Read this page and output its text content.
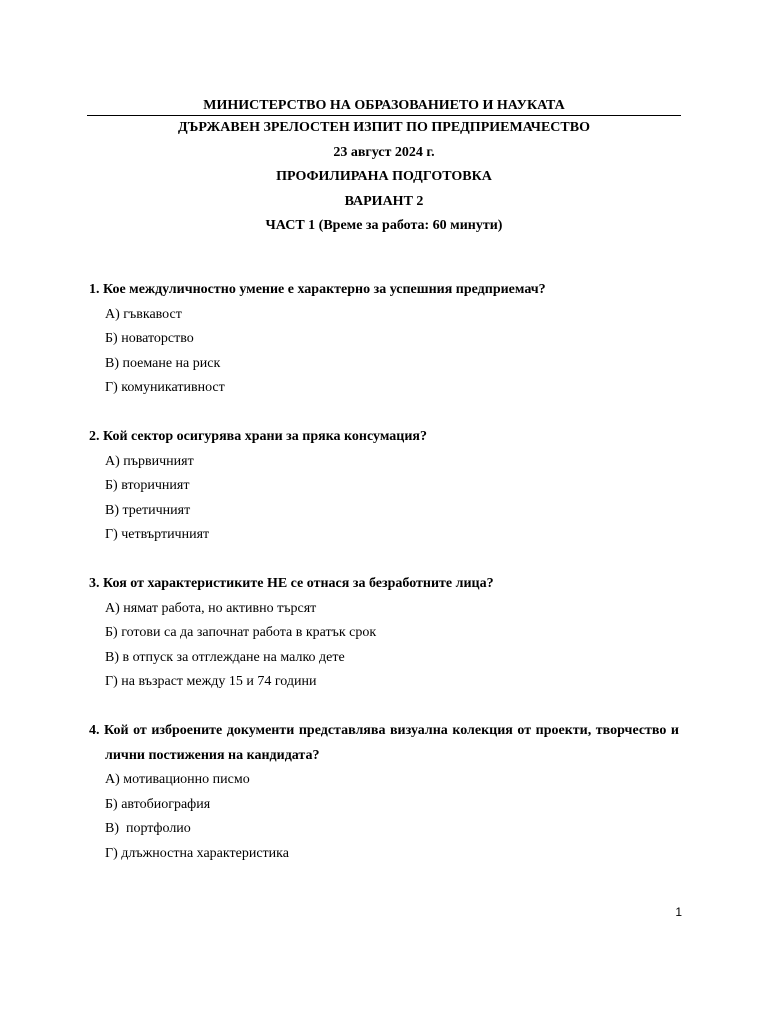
МИНИСТЕРСТВО НА ОБРАЗОВАНИЕТО И НАУКАТА
ДЪРЖАВЕН ЗРЕЛОСТЕН ИЗПИТ ПО ПРЕДПРИЕМАЧЕСТВО
23 август 2024 г.
ПРОФИЛИРАНА ПОДГОТОВКА
ВАРИАНТ 2
ЧАСТ 1 (Време за работа: 60 минути)
1. Кое междуличностно умение е характерно за успешния предприемач?
А) гъвкавост
Б) новаторство
В) поемане на риск
Г) комуникативност
2. Кой сектор осигурява храни за пряка консумация?
А) първичният
Б) вторичният
В) третичният
Г) четвъртичният
3. Коя от характеристиките НЕ се отнася за безработните лица?
А) нямат работа, но активно търсят
Б) готови са да започнат работа в кратък срок
В) в отпуск за отглеждане на малко дете
Г) на възраст между 15 и 74 години
4. Кой от изброените документи представлява визуална колекция от проекти, творчество и лични постижения на кандидата?
А) мотивационно писмо
Б) автобиография
В)  портфолио
Г) длъжностна характеристика
1
